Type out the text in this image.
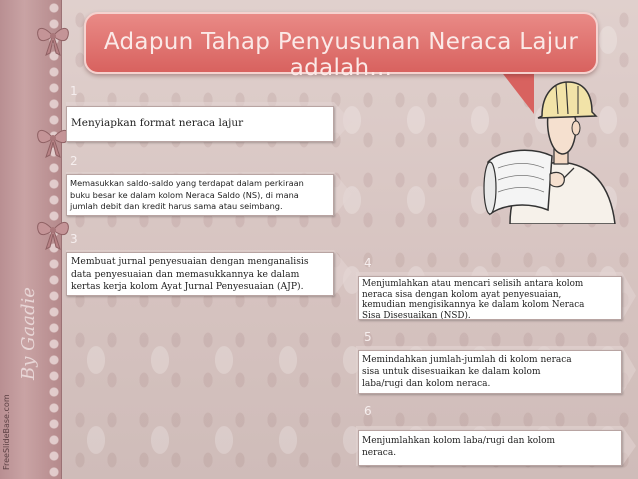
By Gaadie
FreeSlideBase.com
Adapun Tahap Penyusunan Neraca Lajur adalah...
1
2
3
4
5
6
Menyiapkan format neraca lajur
Memasukkan saldo-saldo yang terdapat dalam perkiraan
buku besar ke dalam kolom Neraca Saldo (NS), di mana
jumlah debit dan kredit harus sama atau seimbang.
Membuat jurnal penyesuaian dengan menganalisis
data penyesuaian dan memasukkannya ke dalam
kertas kerja kolom Ayat Jurnal Penyesuaian (AJP).	Menjumlahkan atau mencari selisih antara kolom
neraca sisa dengan kolom ayat penyesuaian,
kemudian mengisikannya ke dalam kolom Neraca
Sisa Disesuaikan (NSD).
Memindahkan jumlah-jumlah di kolom neraca
sisa untuk disesuaikan ke dalam kolom
laba/rugi dan kolom neraca.
Menjumlahkan kolom laba/rugi dan kolom
neraca.
